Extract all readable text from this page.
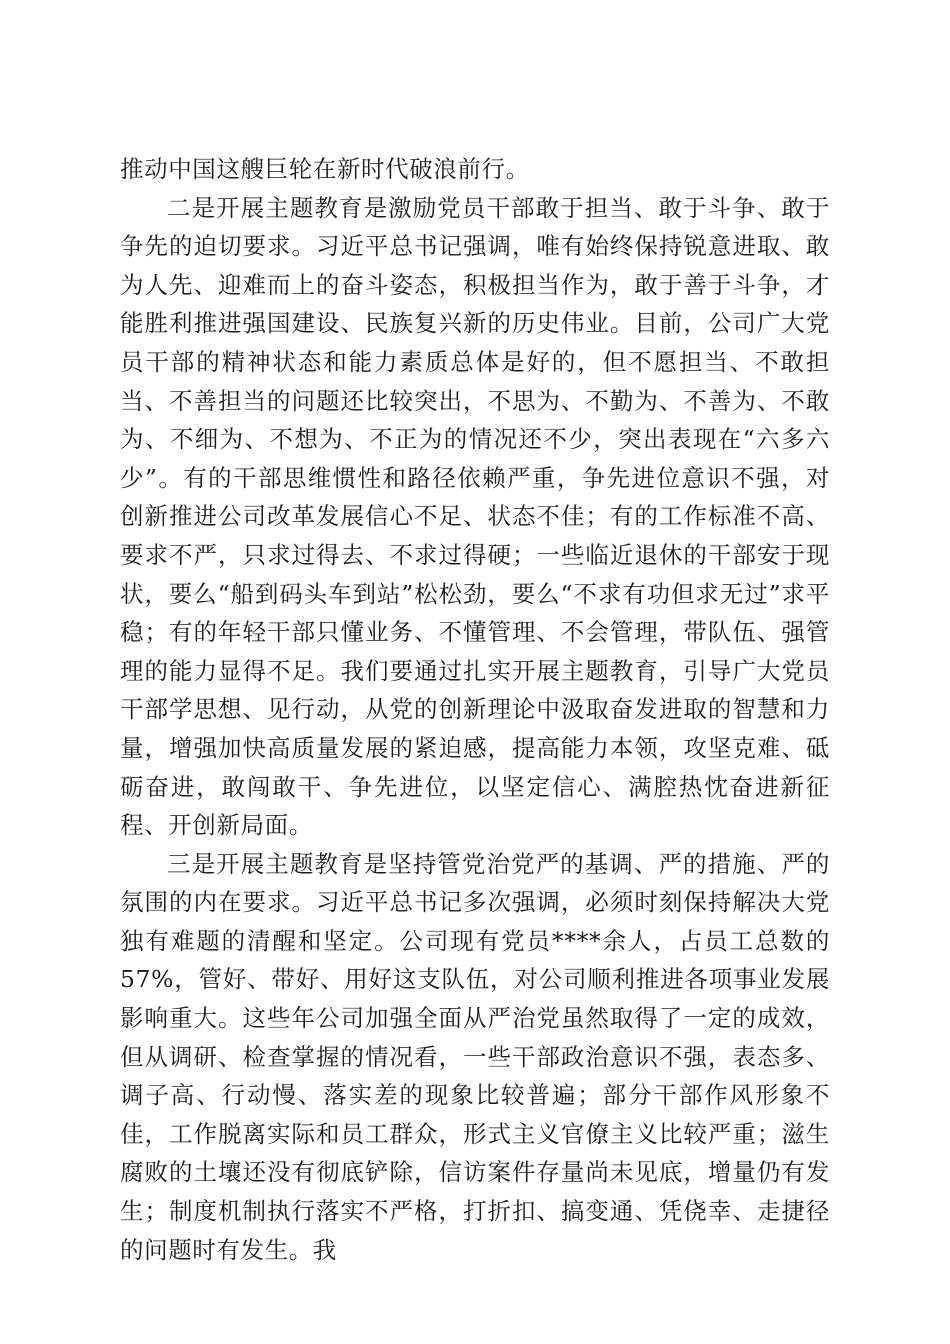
推动中国这艘巨轮在新时代破浪前行。

二是开展主题教育是激励党员干部敢于担当、敢于斗争、敢于争先的迫切要求。习近平总书记强调，唯有始终保持锐意进取、敢为人先、迎难而上的奋斗姿态，积极担当作为，敢于善于斗争，才能胜利推进强国建设、民族复兴新的历史伟业。目前，公司广大党员干部的精神状态和能力素质总体是好的，但不愿担当、不敢担当、不善担当的问题还比较突出，不思为、不勤为、不善为、不敢为、不细为、不想为、不正为的情况还不少，突出表现在“六多六少”。有的干部思维惯性和路径依赖严重，争先进位意识不强，对创新推进公司改革发展信心不足、状态不佳；有的工作标准不高、要求不严，只求过得去、不求过得硬；一些临近退休的干部安于现状，要么“船到码头车到站”松松劲，要么“不求有功但求无过”求平稳；有的年轻干部只懂业务、不懂管理、不会管理，带队伍、强管理的能力显得不足。我们要通过扎实开展主题教育，引导广大党员干部学思想、见行动，从党的创新理论中汲取奋发进取的智慧和力量，增强加快高质量发展的紧迫感，提高能力本领，攻坚克难、砥砺奋进，敢闯敢干、争先进位，以坚定信心、满腔热忱奋进新征程、开创新局面。

三是开展主题教育是坚持管党治党严的基调、严的措施、严的氛围的内在要求。习近平总书记多次强调，必须时刻保持解决大党独有难题的清醒和坚定。公司现有党员****余人，占员工总数的57%，管好、带好、用好这支队伍，对公司顺利推进各项事业发展影响重大。这些年公司加强全面从严治党虽然取得了一定的成效，但从调研、检查掌握的情况看，一些干部政治意识不强，表态多、调子高、行动慢、落实差的现象比较普遍；部分干部作风形象不佳，工作脱离实际和员工群众，形式主义官僚主义比较严重；滋生腐败的土壤还没有彻底铲除，信访案件存量尚未见底，增量仍有发生；制度机制执行落实不严格，打折扣、搞变通、凭侥幸、走捷径的问题时有发生。我
